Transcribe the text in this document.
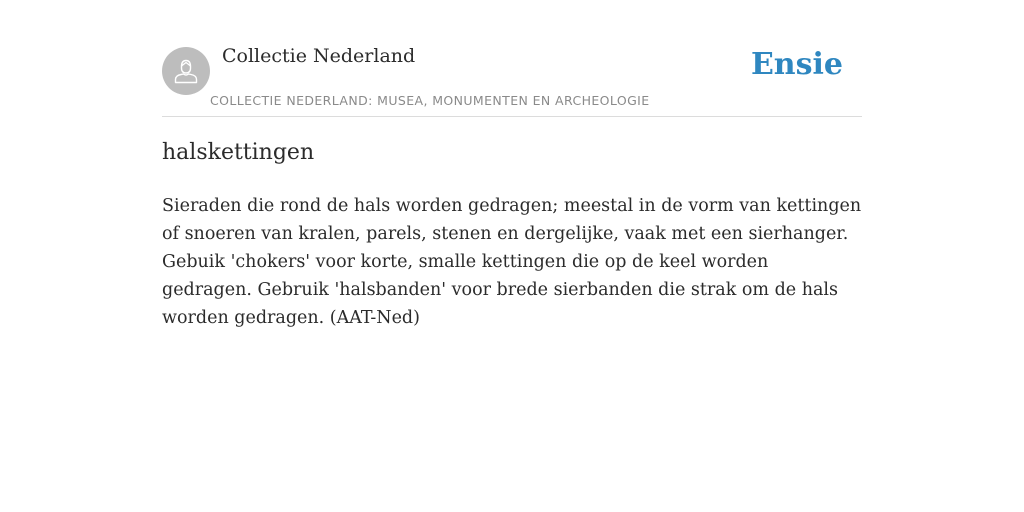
Collectie Nederland
COLLECTIE NEDERLAND: MUSEA, MONUMENTEN EN ARCHEOLOGIE
Ensie
halskettingen

Sieraden die rond de hals worden gedragen; meestal in de vorm van kettingen of snoeren van kralen, parels, stenen en dergelijke, vaak met een sierhanger. Gebuik 'chokers' voor korte, smalle kettingen die op de keel worden gedragen. Gebruik 'halsbanden' voor brede sierbanden die strak om de hals worden gedragen. (AAT-Ned)
